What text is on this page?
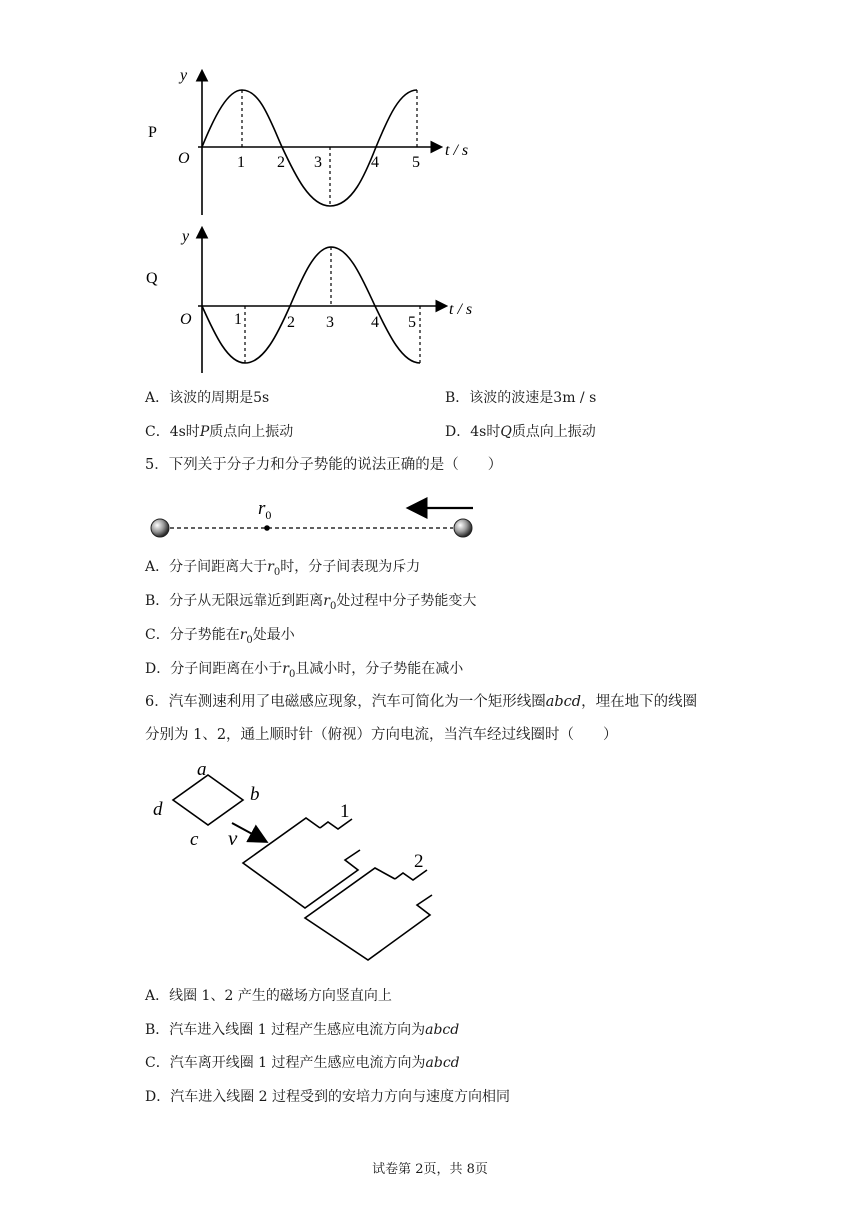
P
y
O	t / s
1 2 3	4 5
Q
y
O
t / s
1	2 3 4 5
A．该波的周期是5s	B．该波的波速是3m / s
C．4s时P质点向上振动	D．4s时Q质点向上振动
5．下列关于分子力和分子势能的说法正确的是（　　）
$r_0$
A．分子间距离大于$r_0$时，分子间表现为斥力
B．分子从无限远靠近到距离$r_0$处过程中分子势能变大
C．分子势能在$r_0$处最小
D．分子间距离在小于$r_0$且减小时，分子势能在减小
6．汽车测速利用了电磁感应现象，汽车可简化为一个矩形线圈abcd，埋在地下的线圈
分别为 1、2，通上顺时针（俯视）方向电流，当汽车经过线圈时（　　）
a
b
c
d
v
1
2
A．线圈 1、2 产生的磁场方向竖直向上
B．汽车进入线圈 1 过程产生感应电流方向为abcd
C．汽车离开线圈 1 过程产生感应电流方向为abcd
D．汽车进入线圈 2 过程受到的安培力方向与速度方向相同
试卷第 2页，共 8页
